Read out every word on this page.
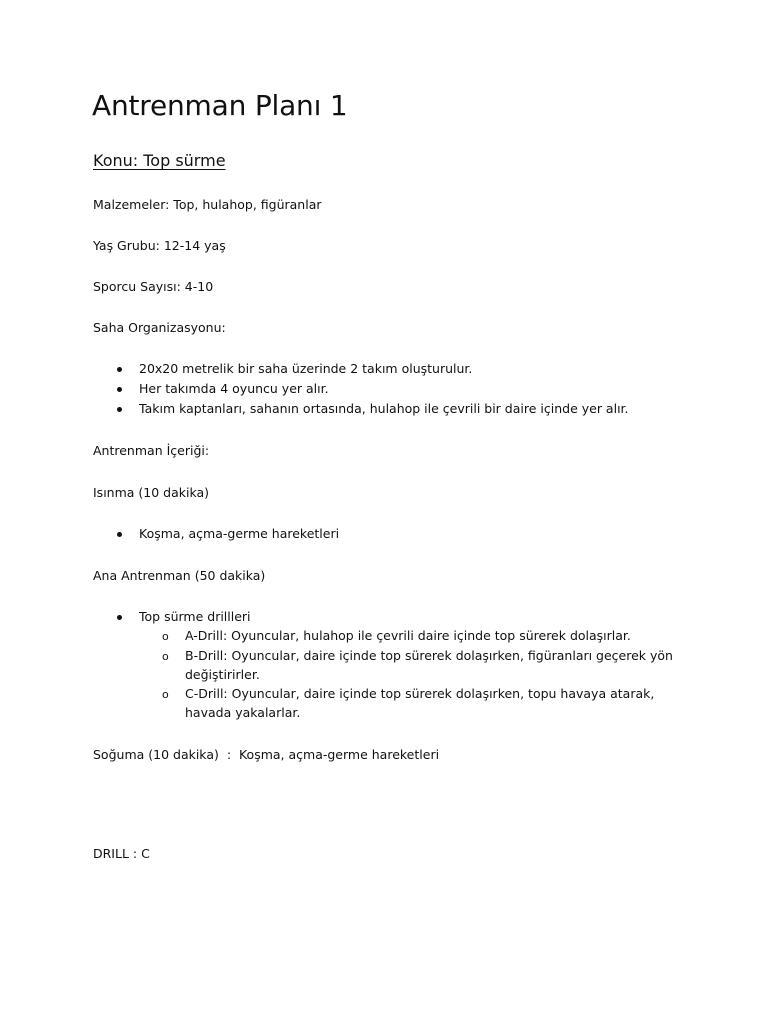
Antrenman Planı 1
Konu: Top sürme
Malzemeler: Top, hulahop, figüranlar
Yaş Grubu: 12-14 yaş
Sporcu Sayısı: 4-10
Saha Organizasyonu:
20x20 metrelik bir saha üzerinde 2 takım oluşturulur.
Her takımda 4 oyuncu yer alır.
Takım kaptanları, sahanın ortasında, hulahop ile çevrili bir daire içinde yer alır.
Antrenman İçeriği:
Isınma (10 dakika)
Koşma, açma-germe hareketleri
Ana Antrenman (50 dakika)
Top sürme drillleri
o A-Drill: Oyuncular, hulahop ile çevrili daire içinde top sürerek dolaşırlar.
o B-Drill: Oyuncular, daire içinde top sürerek dolaşırken, figüranları geçerek yön
değiştirirler.
o C-Drill: Oyuncular, daire içinde top sürerek dolaşırken, topu havaya atarak,
havada yakalarlar.
Soğuma (10 dakika)  :  Koşma, açma-germe hareketleri
DRILL : C
